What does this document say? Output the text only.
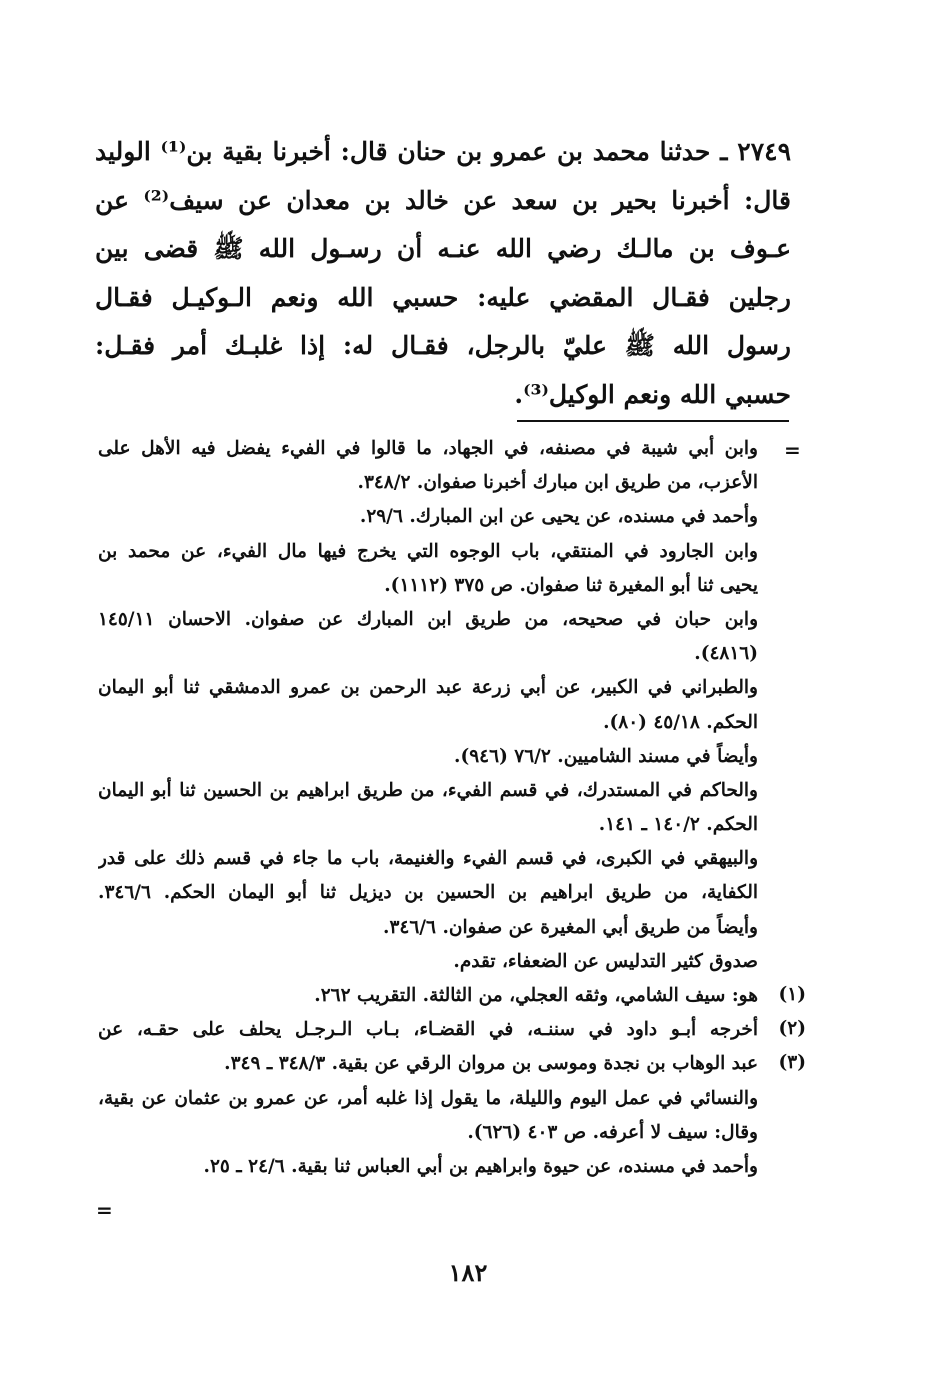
٢٧٤٩ ـ حدثنا محمد بن عمرو بن حنان قال: أخبرنا بقية بن⁽¹⁾ الوليد
قال: أخبرنا بحير بن سعد عن خالد بن معدان عن سيف⁽²⁾ عن
عـوف بن مالـك رضي الله عنـه أن رسـول الله ﷺ قضى بين
رجلين فقـال المقضي عليه: حسبي الله ونعم الـوكيـل فقـال
رسول الله ﷺ عليّ بالرجل، فقـال له: إذا غلبـك أمر فقـل:
حسبي الله ونعم الوكيل⁽³⁾.
=
وابن أبي شيبة في مصنفه، في الجهاد، ما قالوا في الفيء يفضل فيه الأهل على
الأعزب، من طريق ابن مبارك أخبرنا صفوان. ٣٤٨/٢.
وأحمد في مسنده، عن يحيى عن ابن المبارك. ٢٩/٦.
وابن الجارود في المنتقي، باب الوجوه التي يخرج فيها مال الفيء، عن محمد بن
يحيى ثنا أبو المغيرة ثنا صفوان. ص ٣٧٥ (١١١٢).
وابن حبان في صحيحه، من طريق ابن المبارك عن صفوان. الاحسان ١٤٥/١١
(٤٨١٦).
والطبراني في الكبير، عن أبي زرعة عبد الرحمن بن عمرو الدمشقي ثنا أبو اليمان
الحكم. ٤٥/١٨ (٨٠).
وأيضاً في مسند الشاميين. ٧٦/٢ (٩٤٦).
والحاكم في المستدرك، في قسم الفيء، من طريق ابراهيم بن الحسين ثنا أبو اليمان
الحكم. ١٤٠/٢ ـ ١٤١.
والبيهقي في الكبرى، في قسم الفيء والغنيمة، باب ما جاء في قسم ذلك على قدر
الكفاية، من طريق ابراهيم بن الحسين بن ديزيل ثنا أبو اليمان الحكم. ٣٤٦/٦.
وأيضاً من طريق أبي المغيرة عن صفوان. ٣٤٦/٦.
صدوق كثير التدليس عن الضعفاء، تقدم.
هو: سيف الشامي، وثقه العجلي، من الثالثة. التقريب ٢٦٢.
أخرجه أبـو داود في سننـه، في القضـاء، بـاب الـرجـل يحلف على حقـه، عن
عبد الوهاب بن نجدة وموسى بن مروان الرقي عن بقية. ٣٤٨/٣ ـ ٣٤٩.
والنسائي في عمل اليوم والليلة، ما يقول إذا غلبه أمر، عن عمرو بن عثمان عن بقية،
وقال: سيف لا أعرفه. ص ٤٠٣ (٦٢٦).
وأحمد في مسنده، عن حيوة وابراهيم بن أبي العباس ثنا بقية. ٢٤/٦ ـ ٢٥.
(١)
(٢)
(٣)
=
١٨٢
